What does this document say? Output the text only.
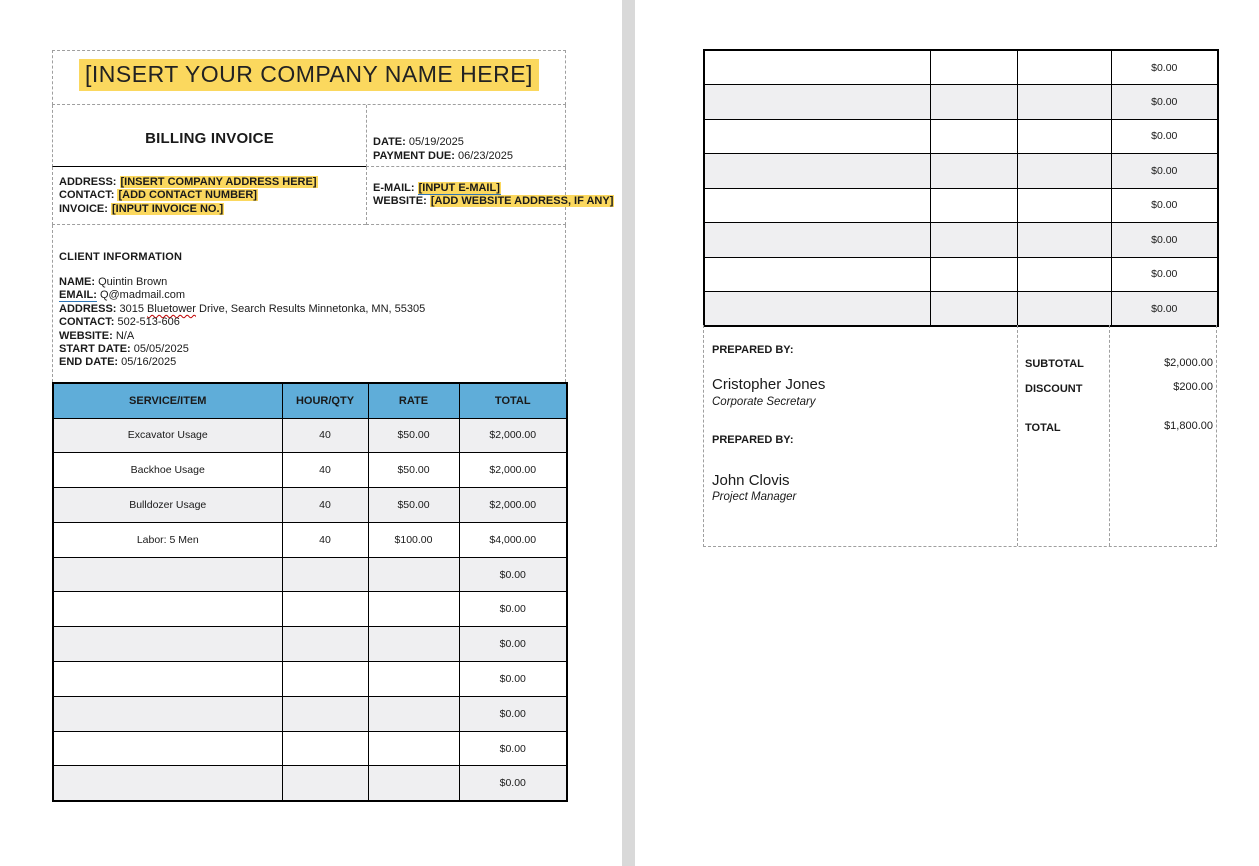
[INSERT YOUR COMPANY NAME HERE]
BILLING INVOICE	DATE: 05/19/2025
PAYMENT DUE: 06/23/2025
ADDRESS: [INSERT COMPANY ADDRESS HERE]
CONTACT: [ADD CONTACT NUMBER]
INVOICE: [INPUT INVOICE NO.]
E-MAIL: [INPUT E-MAIL]
WEBSITE: [ADD WEBSITE ADDRESS, IF ANY]
CLIENT INFORMATION
NAME: Quintin Brown
EMAIL: Q@madmail.com
ADDRESS: 3015 Bluetower Drive, Search Results Minnetonka, MN, 55305
CONTACT: 502-513-606
WEBSITE: N/A
START DATE: 05/05/2025
END DATE: 05/16/2025
SERVICE/ITEM	HOUR/QTY	RATE	TOTAL
Excavator Usage	40	$50.00	$2,000.00
Backhoe Usage	40	$50.00	$2,000.00
Bulldozer Usage	40	$50.00	$2,000.00
Labor: 5 Men	40	$100.00	$4,000.00
			$0.00
			$0.00
			$0.00
			$0.00
			$0.00
			$0.00
			$0.00
			$0.00
			$0.00
			$0.00
			$0.00
			$0.00
			$0.00
			$0.00
			$0.00
PREPARED BY:
Cristopher Jones
Corporate Secretary
PREPARED BY:
John Clovis
Project Manager
SUBTOTAL	$2,000.00
DISCOUNT	$200.00
TOTAL	$1,800.00
